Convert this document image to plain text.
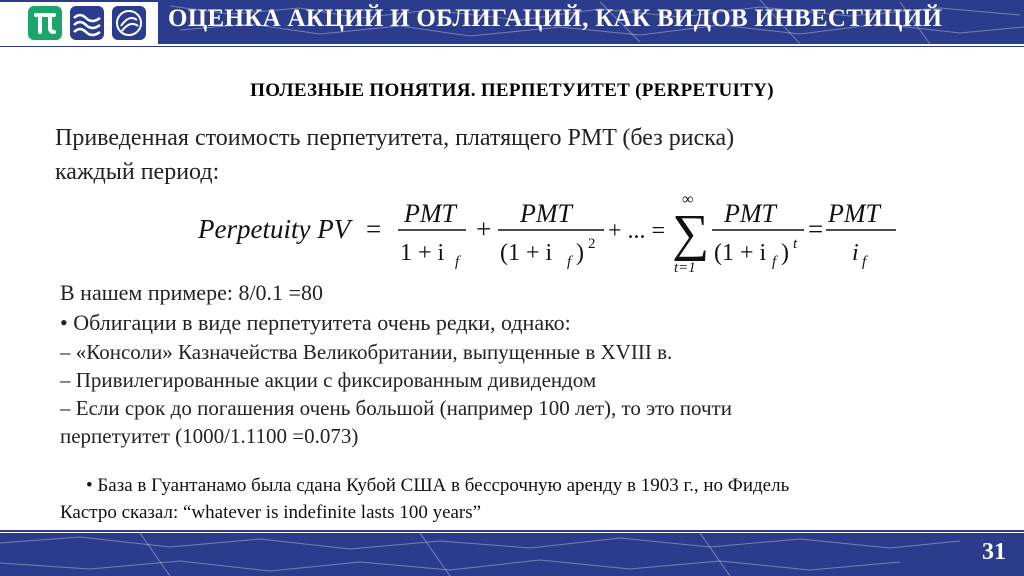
ОЦЕНКА АКЦИЙ И ОБЛИГАЦИЙ, КАК ВИДОВ ИНВЕСТИЦИЙ
ПОЛЕЗНЫЕ ПОНЯТИЯ. ПЕРПЕТУИТЕТ (PERPETUITY)
Приведенная стоимость перпетуитета, платящего PMT (без риска)
каждый период:
Perpetuity PV =
PMT
1 + i f
+
PMT
(1 + i f ) 2 + ... =
∞
∑
t=1
PMT
(1 + i f ) t =
PMT
i f
В нашем примере: 8/0.1 =80
• Облигации в виде перпетуитета очень редки, однако:
– «Консоли» Казначейства Великобритании, выпущенные в XVIII в.
– Привилегированные акции с фиксированным дивидендом
– Если срок до погашения очень большой (например 100 лет), то это почти
перпетуитет (1000/1.1100 =0.073)
• База в Гуантанамо была сдана Кубой США в бессрочную аренду в 1903 г., но Фидель
Кастро сказал: “whatever is indefinite lasts 100 years”
31
